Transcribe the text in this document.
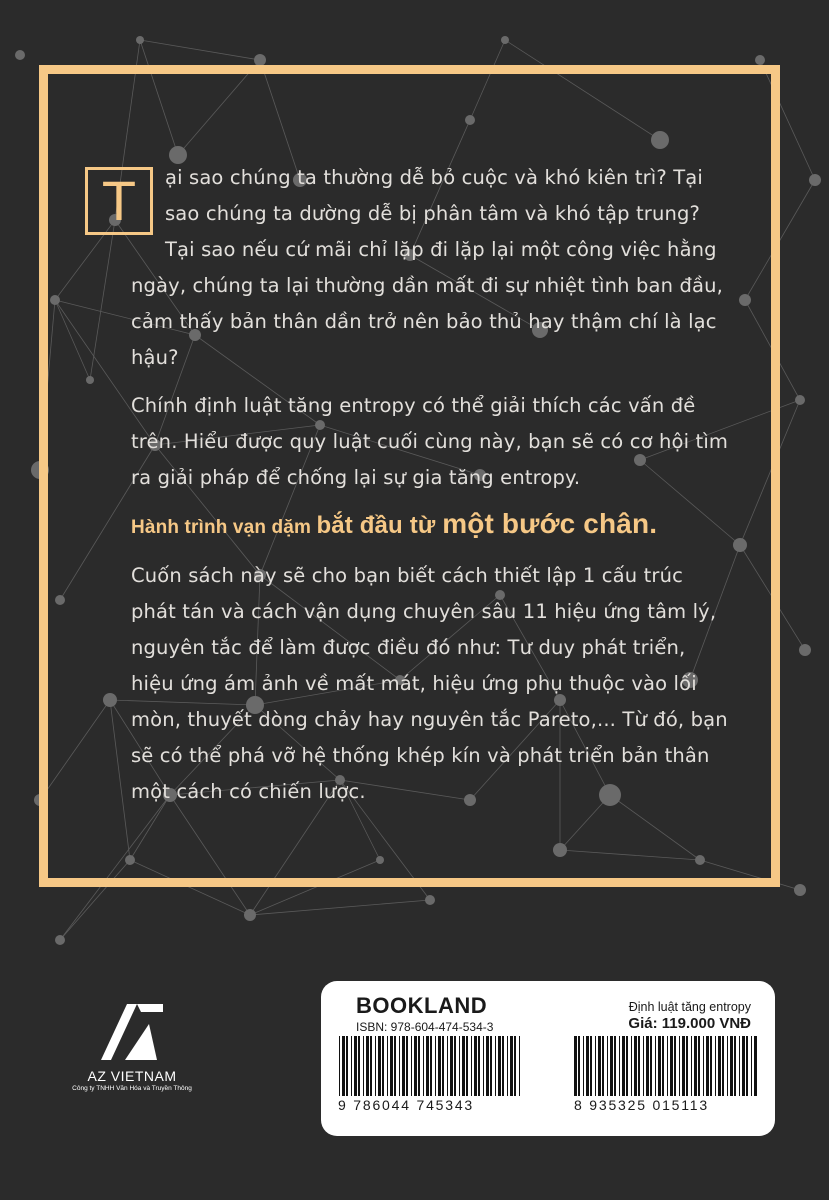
T	ại sao chúng ta thường dễ bỏ cuộc và khó kiên trì? Tại sao chúng ta dường dễ bị phân tâm và khó tập trung? Tại sao nếu cứ mãi chỉ lặp đi lặp lại một công việc hằng ngày, chúng ta lại thường dần mất đi sự nhiệt tình ban đầu, cảm thấy bản thân dần trở nên bảo thủ hay thậm chí là lạc hậu?

Chính định luật tăng entropy có thể giải thích các vấn đề trên. Hiểu được quy luật cuối cùng này, bạn sẽ có cơ hội tìm ra giải pháp để chống lại sự gia tăng entropy.

Hành trình vạn dặm bắt đầu từ một bước chân.

Cuốn sách này sẽ cho bạn biết cách thiết lập 1 cấu trúc phát tán và cách vận dụng chuyên sâu 11 hiệu ứng tâm lý, nguyên tắc để làm được điều đó như: Tư duy phát triển, hiệu ứng ám ảnh về mất mát, hiệu ứng phụ thuộc vào lối mòn, thuyết dòng chảy hay nguyên tắc Pareto,... Từ đó, bạn sẽ có thể phá vỡ hệ thống khép kín và phát triển bản thân một cách có chiến lược.

AZ VIETNAM
Công ty TNHH Văn Hóa và Truyền Thông
BOOKLAND
ISBN: 978-604-474-534-3
Định luật tăng entropy
Giá: 119.000 VNĐ
9 786044 745343	8 935325 015113
